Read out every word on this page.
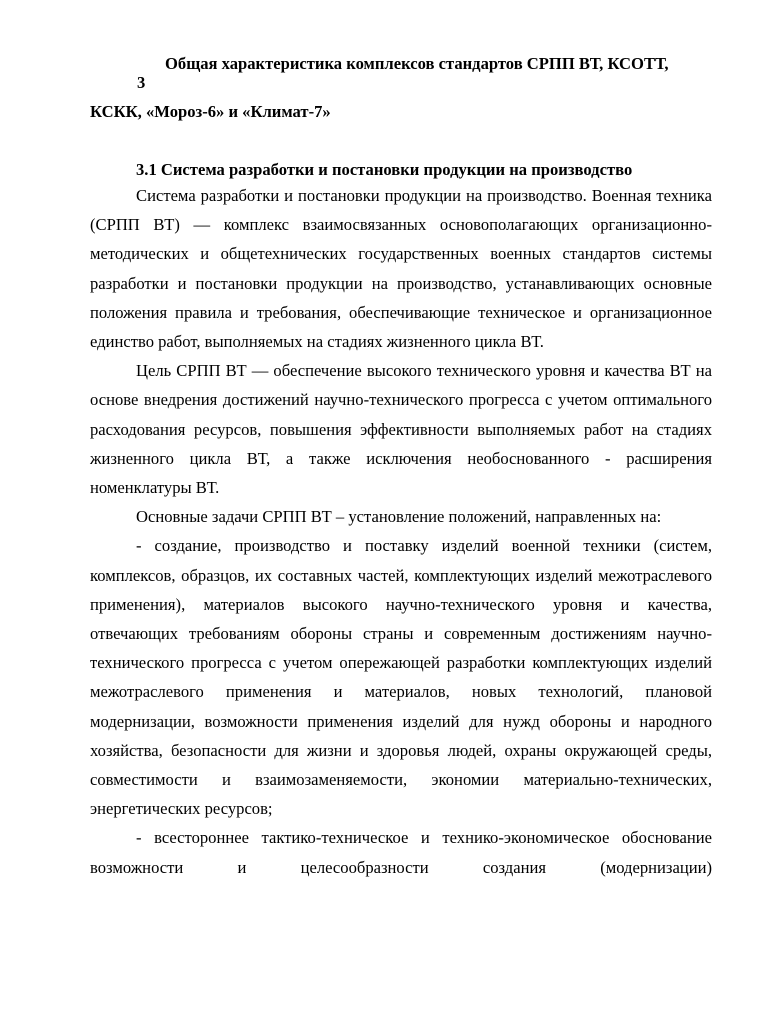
Общая характеристика комплексов стандартов СРПП ВТ, КСОТТ,
3
КСКК, «Мороз-6» и «Климат-7»
3.1 Система разработки и постановки продукции на производство

Система разработки и постановки продукции на производство. Военная техника (СРПП ВТ) — комплекс взаимосвязанных основополагающих организационно-методических и общетехнических государственных военных стандартов системы разработки и постановки продукции на производство, устанавливающих основные положения правила и требования, обеспечивающие техническое и организационное единство работ, выполняемых на стадиях жизненного цикла ВТ.

Цель СРПП ВТ — обеспечение высокого технического уровня и качества ВТ на основе внедрения достижений научно-технического прогресса с учетом оптимального расходования ресурсов, повышения эффективности выполняемых работ на стадиях жизненного цикла ВТ, а также исключения необоснованного - расширения номенклатуры ВТ.

Основные задачи СРПП ВТ – установление положений, направленных на:

- создание, производство и поставку изделий военной техники (систем, комплексов, образцов, их составных частей, комплектующих изделий межотраслевого применения), материалов высокого научно-технического уровня и качества, отвечающих требованиям обороны страны и современным достижениям научно-технического прогресса с учетом опережающей разработки комплектующих изделий межотраслевого применения и материалов, новых технологий, плановой модернизации, возможности применения изделий для нужд обороны и народного хозяйства, безопасности для жизни и здоровья людей, охраны окружающей среды, совместимости и взаимозаменяемости, экономии материально-технических, энергетических ресурсов;

- всестороннее тактико-техническое и технико-экономическое обоснование возможности и целесообразности создания (модернизации)
